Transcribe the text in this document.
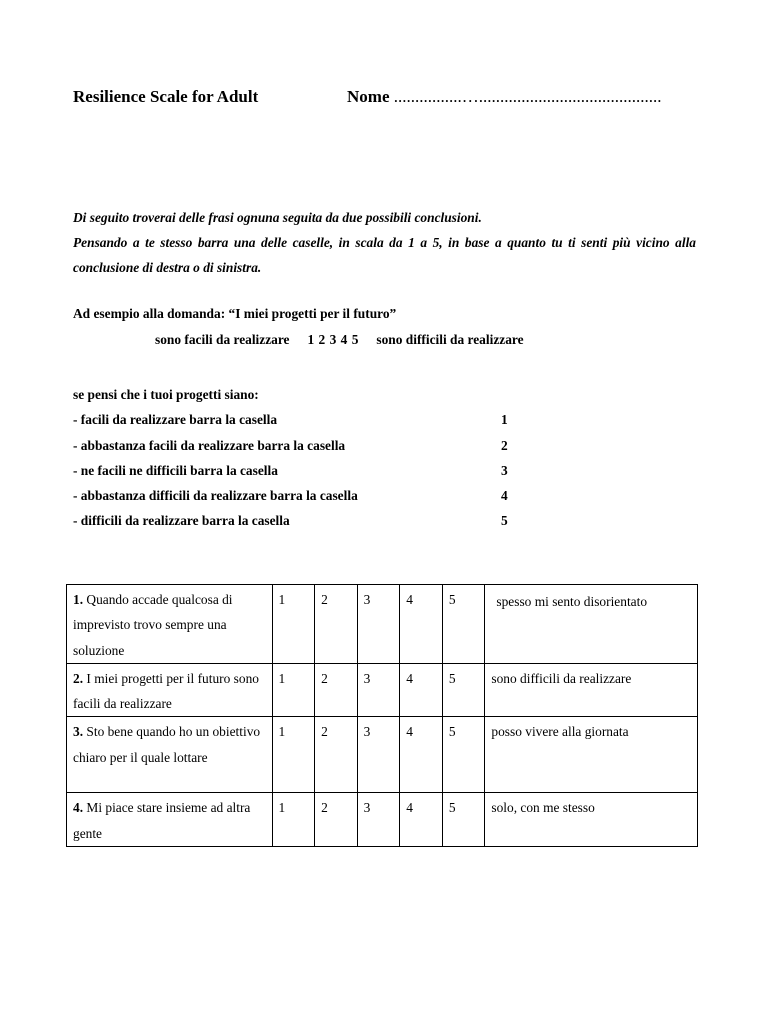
Resilience Scale for Adult	Nome ................…...........................................

Di seguito troverai delle frasi ognuna seguita da due possibili conclusioni.

Pensando a te stesso barra una delle caselle, in scala da 1 a 5, in base a quanto tu ti senti più vicino alla conclusione di destra o di sinistra.

Ad esempio alla domanda: “I miei progetti per il futuro”
sono facili da realizzare 1 2 3 4 5 sono difficili da realizzare
se pensi che i tuoi progetti siano:
- facili da realizzare barra la casella	1
- abbastanza facili da realizzare barra la casella	2
- ne facili ne difficili barra la casella	3
- abbastanza difficili da realizzare barra la casella	4
- difficili da realizzare barra la casella	5
1. Quando accade qualcosa di imprevisto trovo sempre una soluzione	1	2	3	4	5	spesso mi sento disorientato
2. I miei progetti per il futuro sono facili da realizzare	1	2	3	4	5	sono difficili da realizzare
3. Sto bene quando ho un obiettivo chiaro per il quale lottare	1	2	3	4	5	posso vivere alla giornata
4. Mi piace stare insieme ad altra gente	1	2	3	4	5	solo, con me stesso
